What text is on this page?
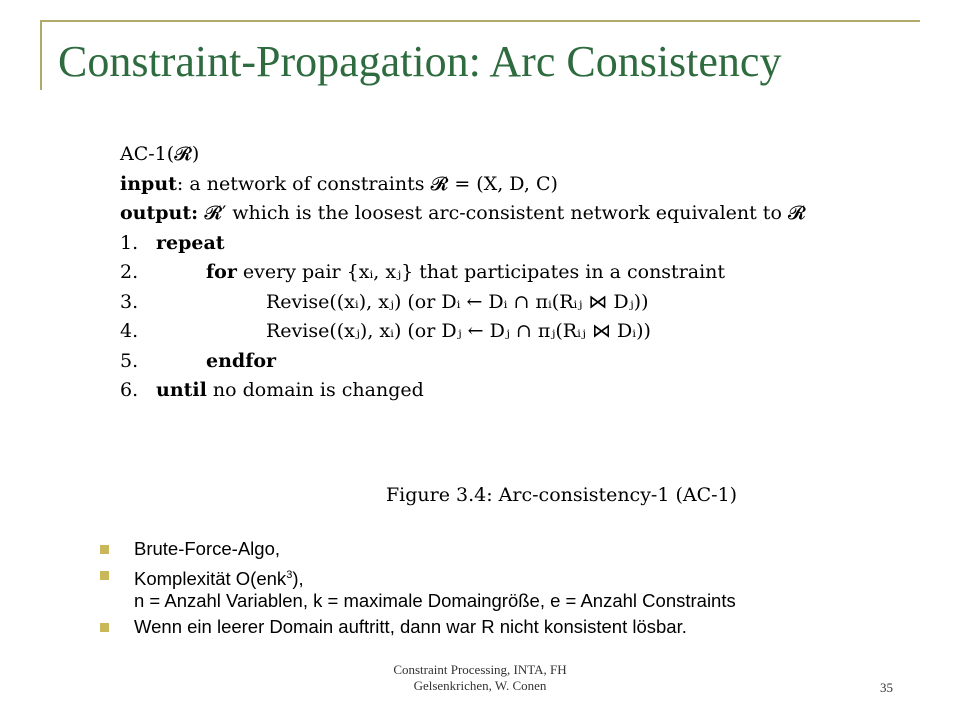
Constraint-Propagation: Arc Consistency
AC-1(𝓡)
input: a network of constraints 𝓡 = (X, D, C)
output: 𝓡′ which is the loosest arc-consistent network equivalent to 𝓡
1. repeat
2.	for every pair {xᵢ, xⱼ} that participates in a constraint
3.	Revise((xᵢ), xⱼ) (or Dᵢ ← Dᵢ ∩ πᵢ(Rᵢⱼ ⋈ Dⱼ))
4.	Revise((xⱼ), xᵢ) (or Dⱼ ← Dⱼ ∩ πⱼ(Rᵢⱼ ⋈ Dᵢ))
5.	endfor
6. until no domain is changed
Figure 3.4: Arc-consistency-1 (AC-1)
Brute-Force-Algo,
Komplexität O(enk$^3$),
n = Anzahl Variablen, k = maximale Domaingröße, e = Anzahl Constraints
Wenn ein leerer Domain auftritt, dann war R nicht konsistent lösbar.
Constraint Processing, INTA, FH
Gelsenkrichen, W. Conen	35
